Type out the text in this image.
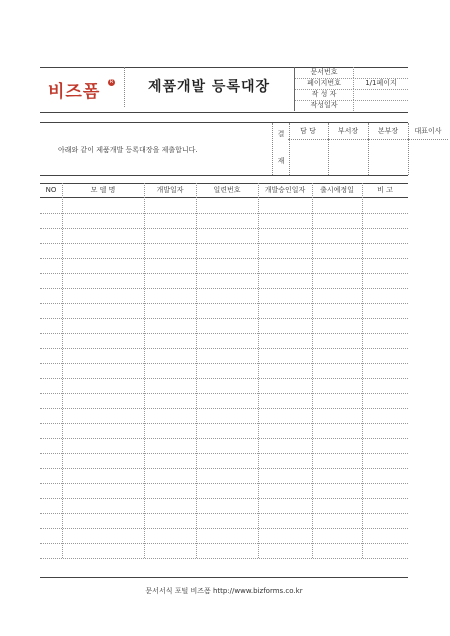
비즈폼	R	제품개발 등록대장
문서번호
페이지번호	1/1페이지
작 성 자
작성일자
아래와 같이 제품개발 등록대장을 제출합니다.
결
재
담 당	부서장	본부장	대표이사
NO	모 델 명	개발일자	일련번호	개발승인일자	출시예정일	비 고
문서서식 포털 비즈폼 http://www.bizforms.co.kr
